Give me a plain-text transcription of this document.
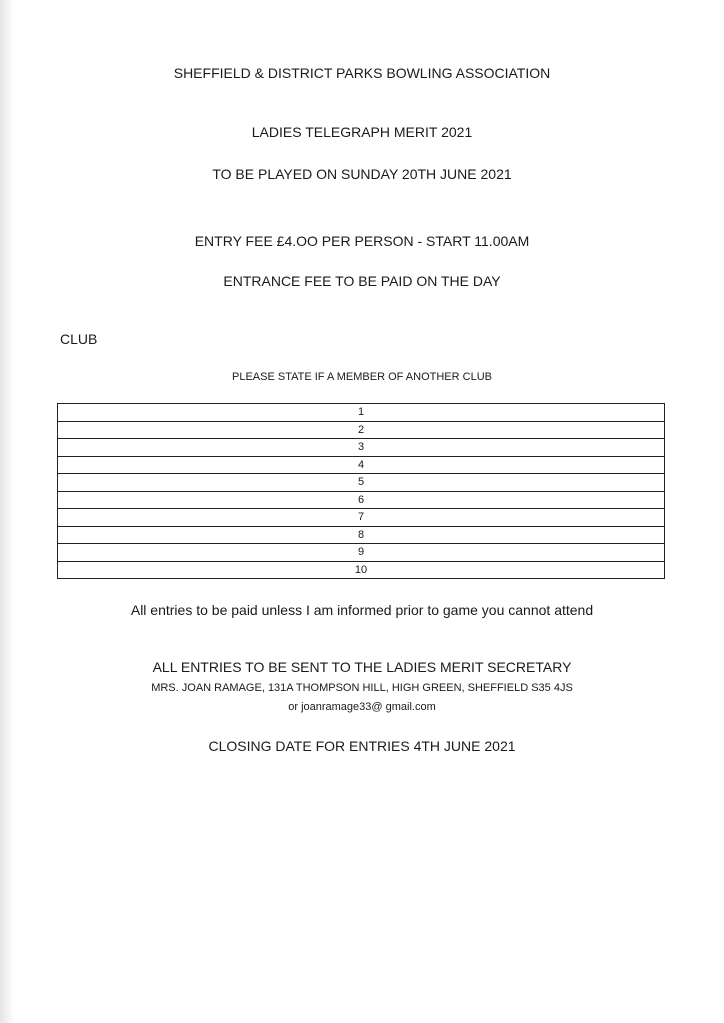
SHEFFIELD & DISTRICT PARKS BOWLING ASSOCIATION
LADIES TELEGRAPH MERIT 2021
TO BE PLAYED ON SUNDAY 20TH JUNE 2021
ENTRY FEE £4.OO PER PERSON - START 11.00AM
ENTRANCE FEE TO BE PAID ON THE DAY
CLUB
PLEASE STATE IF A MEMBER OF ANOTHER CLUB
1
2
3
4
5
6
7
8
9
10
All entries to be paid unless I am informed prior to game you cannot attend
ALL ENTRIES TO BE SENT TO THE LADIES MERIT SECRETARY
MRS. JOAN RAMAGE, 131A THOMPSON HILL, HIGH GREEN, SHEFFIELD S35 4JS
or joanramage33@ gmail.com
CLOSING DATE FOR ENTRIES 4TH JUNE 2021
